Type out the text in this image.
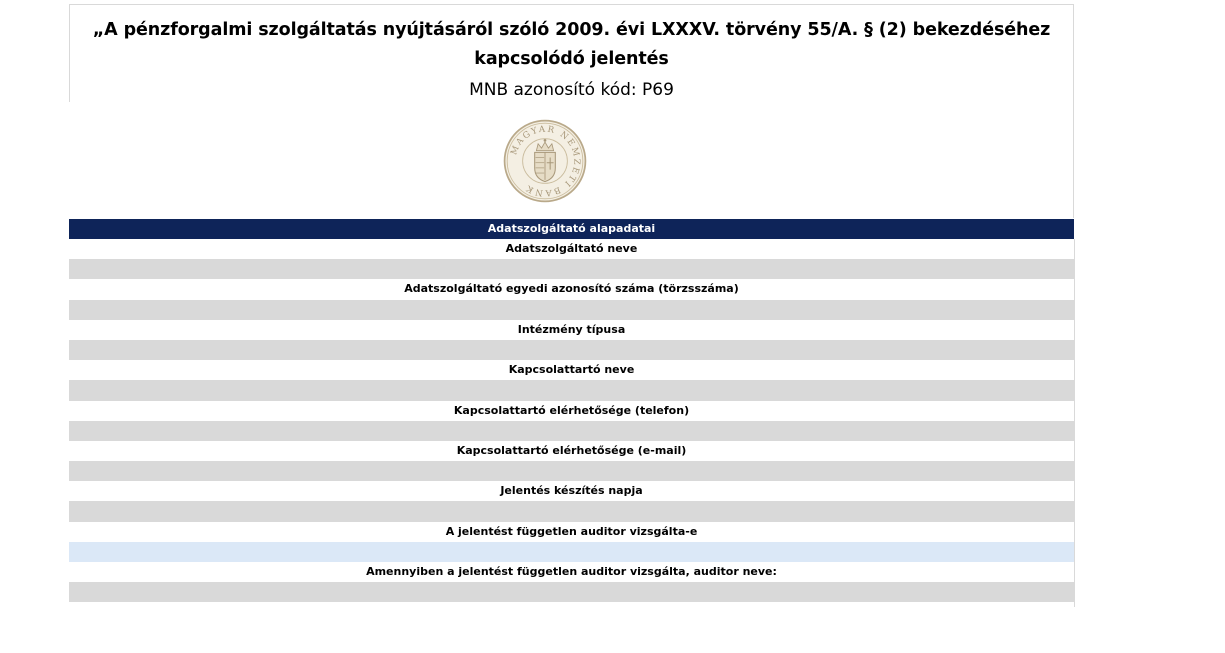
„A pénzforgalmi szolgáltatás nyújtásáról szóló 2009. évi LXXXV. törvény 55/A. § (2) bekezdéséhez
kapcsolódó jelentés
MNB azonosító kód: P69
MAGYAR NEMZETI BANK
Adatszolgáltató alapadatai
Adatszolgáltató neve
Adatszolgáltató egyedi azonosító száma (törzsszáma)
Intézmény típusa
Kapcsolattartó neve
Kapcsolattartó elérhetősége (telefon)
Kapcsolattartó elérhetősége (e-mail)
Jelentés készítés napja
A jelentést független auditor vizsgálta-e
Amennyiben a jelentést független auditor vizsgálta, auditor neve:
